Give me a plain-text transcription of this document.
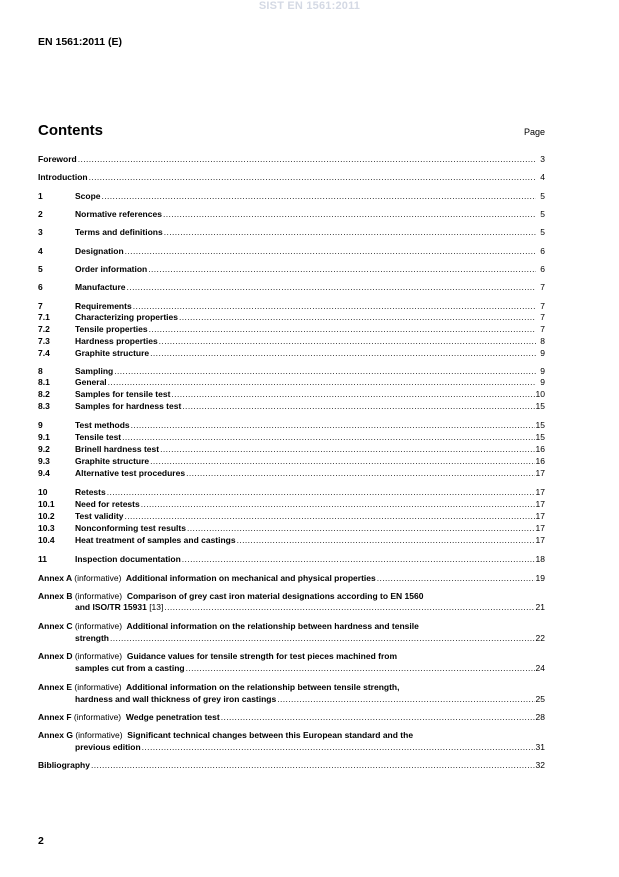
SIST EN 1561:2011
EN 1561:2011 (E)
Contents	Page
Foreword .....	3
Introduction .....	4
1	Scope .....	5
2	Normative references .....	5
3	Terms and definitions .....	5
4	Designation .....	6
5	Order information .....	6
6	Manufacture .....	7
7	Requirements .....	7
7.1	Characterizing properties .....	7
7.2	Tensile properties .....	7
7.3	Hardness properties .....	8
7.4	Graphite structure .....	9
8	Sampling .....	9
8.1	General .....	9
8.2	Samples for tensile test .....	10
8.3	Samples for hardness test .....	15
9	Test methods .....	15
9.1	Tensile test .....	15
9.2	Brinell hardness test .....	16
9.3	Graphite structure .....	16
9.4	Alternative test procedures .....	17
10	Retests .....	17
10.1	Need for retests .....	17
10.2	Test validity .....	17
10.3	Nonconforming test results .....	17
10.4	Heat treatment of samples and castings .....	17
11	Inspection documentation .....	18
Annex A (informative) Additional information on mechanical and physical properties .....	19
Annex B (informative) Comparison of grey cast iron material designations according to EN 1560
and ISO/TR 15931 [13] .....	21
Annex C (informative) Additional information on the relationship between hardness and tensile
strength .....	22
Annex D (informative) Guidance values for tensile strength for test pieces machined from
samples cut from a casting .....	24
Annex E (informative) Additional information on the relationship between tensile strength,
hardness and wall thickness of grey iron castings .....	25
Annex F (informative) Wedge penetration test .....	28
Annex G (informative) Significant technical changes between this European standard and the
previous edition .....	31
Bibliography .....	32
2
